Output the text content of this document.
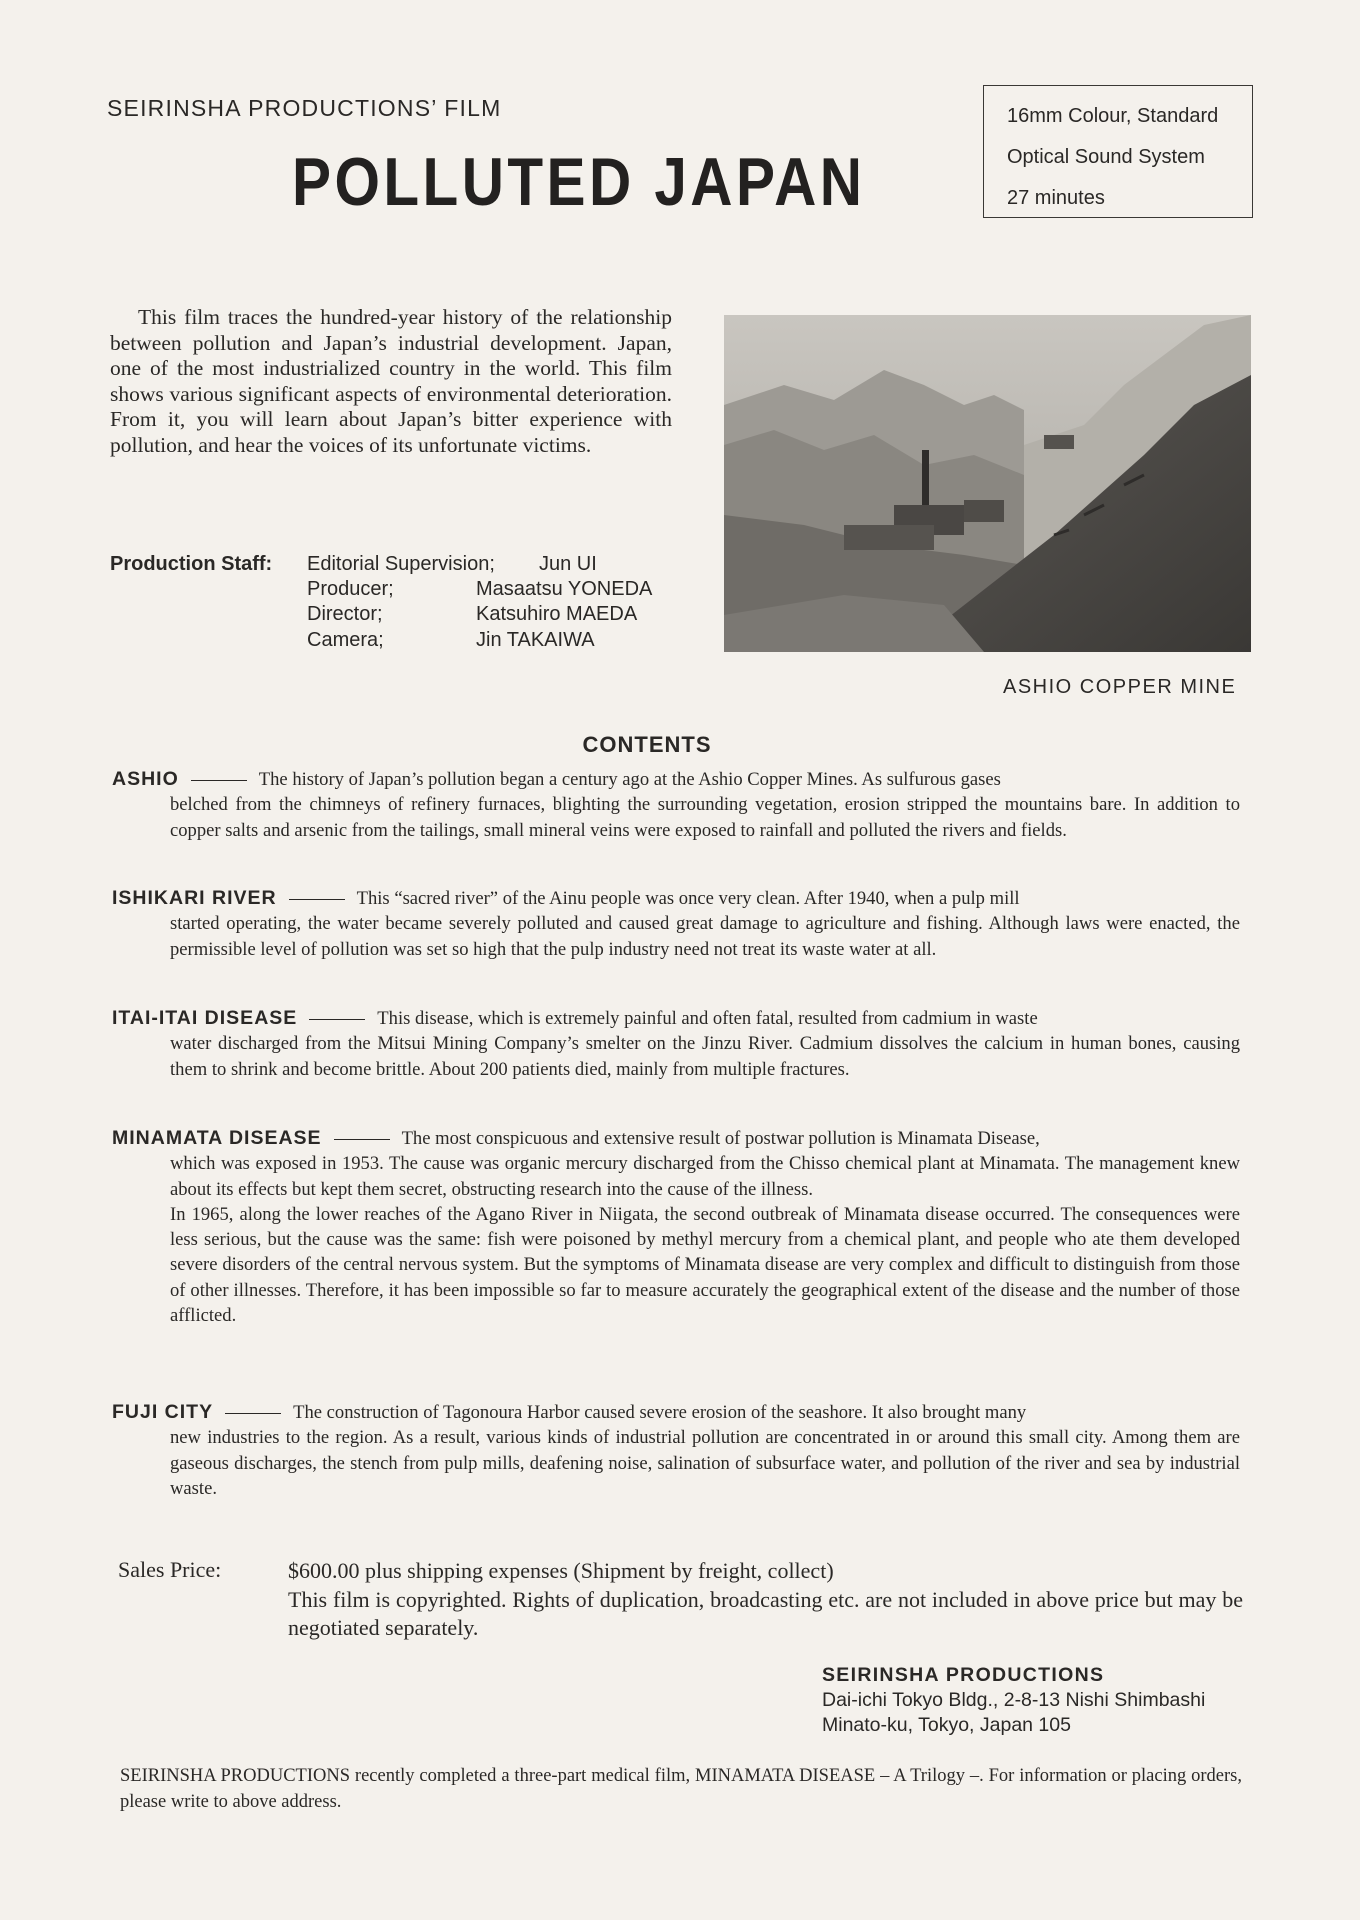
SEIRINSHA PRODUCTIONS’ FILM
POLLUTED JAPAN
16mm Colour, Standard
Optical Sound System
27 minutes
This film traces the hundred-year history of the relationship between pollution and Japan’s industrial development. Japan, one of the most industrialized country in the world. This film shows various significant aspects of environmental deterioration. From it, you will learn about Japan’s bitter experience with pollution, and hear the voices of its unfortunate victims.
Production Staff: Editorial Supervision; Jun UI
Producer;	Masaatsu YONEDA
Director;	Katsuhiro MAEDA
Camera;	Jin TAKAIWA
ASHIO COPPER MINE
CONTENTS
ASHIO	The history of Japan’s pollution began a century ago at the Ashio Copper Mines. As sulfurous gases
belched from the chimneys of refinery furnaces, blighting the surrounding vegetation, erosion stripped the mountains bare. In addition to copper salts and arsenic from the tailings, small mineral veins were exposed to rainfall and polluted the rivers and fields.
ISHIKARI RIVER	This “sacred river” of the Ainu people was once very clean. After 1940, when a pulp mill
started operating, the water became severely polluted and caused great damage to agriculture and fishing. Although laws were enacted, the permissible level of pollution was set so high that the pulp industry need not treat its waste water at all.
ITAI-ITAI DISEASE	This disease, which is extremely painful and often fatal, resulted from cadmium in waste
water discharged from the Mitsui Mining Company’s smelter on the Jinzu River. Cadmium dissolves the calcium in human bones, causing them to shrink and become brittle. About 200 patients died, mainly from multiple fractures.
MINAMATA DISEASE	The most conspicuous and extensive result of postwar pollution is Minamata Disease,
which was exposed in 1953. The cause was organic mercury discharged from the Chisso chemical plant at Minamata. The management knew about its effects but kept them secret, obstructing research into the cause of the illness.
In 1965, along the lower reaches of the Agano River in Niigata, the second outbreak of Minamata disease occurred. The consequences were less serious, but the cause was the same: fish were poisoned by methyl mercury from a chemical plant, and people who ate them developed severe disorders of the central nervous system. But the symptoms of Minamata disease are very complex and difficult to distinguish from those of other illnesses. Therefore, it has been impossible so far to measure accurately the geographical extent of the disease and the number of those afflicted.
FUJI CITY	The construction of Tagonoura Harbor caused severe erosion of the seashore. It also brought many
new industries to the region. As a result, various kinds of industrial pollution are concentrated in or around this small city. Among them are gaseous discharges, the stench from pulp mills, deafening noise, salination of subsurface water, and pollution of the river and sea by industrial waste.
Sales Price:	$600.00 plus shipping expenses (Shipment by freight, collect)
This film is copyrighted. Rights of duplication, broadcasting etc. are not included in above price but may be negotiated separately.
SEIRINSHA PRODUCTIONS
Dai-ichi Tokyo Bldg., 2-8-13 Nishi Shimbashi
Minato-ku, Tokyo, Japan 105
SEIRINSHA PRODUCTIONS recently completed a three-part medical film, MINAMATA DISEASE – A Trilogy –. For information or placing orders, please write to above address.
